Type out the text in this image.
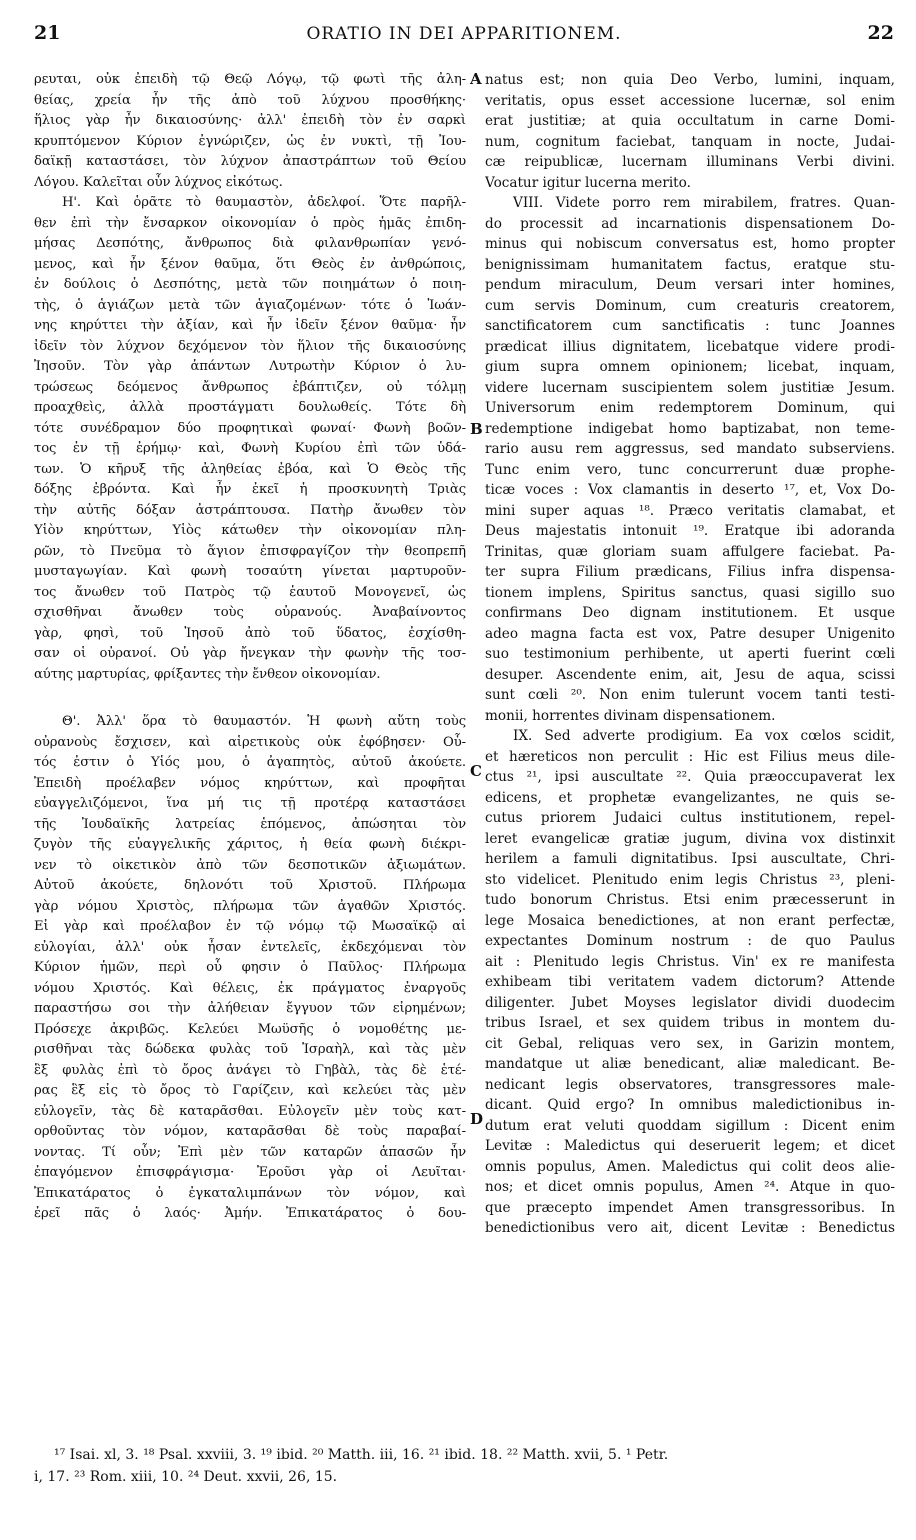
21	ORATIO IN DEI APPARITIONEM.	22
ρευται, οὐκ ἐπειδὴ τῷ Θεῷ Λόγῳ, τῷ φωτὶ τῆς ἀλη-
θείας, χρεία ἦν τῆς ἀπὸ τοῦ λύχνου προσθήκης·
ἥλιος γὰρ ἦν δικαιοσύνης· ἀλλ' ἐπειδὴ τὸν ἐν σαρκὶ
κρυπτόμενον Κύριον ἐγνώριζεν, ὡς ἐν νυκτὶ, τῇ Ἰου-
δαϊκῇ καταστάσει, τὸν λύχνον ἀπαστράπτων τοῦ Θείου
Λόγου. Καλεῖται οὖν λύχνος εἰκότως.
Η'. Καὶ ὁρᾶτε τὸ θαυμαστὸν, ἀδελφοί. Ὅτε παρῆλ-
θεν ἐπὶ τὴν ἔνσαρκον οἰκονομίαν ὁ πρὸς ἡμᾶς ἐπιδη-
μήσας Δεσπότης, ἄνθρωπος διὰ φιλανθρωπίαν γενό-
μενος, καὶ ἦν ξένον θαῦμα, ὅτι Θεὸς ἐν ἀνθρώποις,
ἐν δούλοις ὁ Δεσπότης, μετὰ τῶν ποιημάτων ὁ ποιη-
τὴς, ὁ ἁγιάζων μετὰ τῶν ἁγιαζομένων· τότε ὁ Ἰωάν-
νης κηρύττει τὴν ἀξίαν, καὶ ἦν ἰδεῖν ξένον θαῦμα· ἦν
ἰδεῖν τὸν λύχνον δεχόμενον τὸν ἥλιον τῆς δικαιοσύνης
Ἰησοῦν. Τὸν γὰρ ἁπάντων Λυτρωτὴν Κύριον ὁ λυ-
τρώσεως δεόμενος ἄνθρωπος ἐβάπτιζεν, οὐ τόλμῃ
προαχθεὶς, ἀλλὰ προστάγματι δουλωθείς. Τότε δὴ
τότε συνέδραμον δύο προφητικαὶ φωναί· Φωνὴ βοῶν-
τος ἐν τῇ ἐρήμῳ· καὶ, Φωνὴ Κυρίου ἐπὶ τῶν ὑδά-
των. Ὁ κῆρυξ τῆς ἀληθείας ἐβόα, καὶ Ὁ Θεὸς τῆς
δόξης ἐβρόντα. Καὶ ἦν ἐκεῖ ἡ προσκυνητὴ Τριὰς
τὴν αὐτῆς δόξαν ἀστράπτουσα. Πατὴρ ἄνωθεν τὸν
Υἱὸν κηρύττων, Υἱὸς κάτωθεν τὴν οἰκονομίαν πλη-
ρῶν, τὸ Πνεῦμα τὸ ἅγιον ἐπισφραγίζον τὴν θεοπρεπῆ
μυσταγωγίαν. Καὶ φωνὴ τοσαύτη γίνεται μαρτυροῦν-
τος ἄνωθεν τοῦ Πατρὸς τῷ ἑαυτοῦ Μονογενεῖ, ὡς
σχισθῆναι ἄνωθεν τοὺς οὐρανούς. Ἀναβαίνοντος
γὰρ, φησὶ, τοῦ Ἰησοῦ ἀπὸ τοῦ ὕδατος, ἐσχίσθη-
σαν οἱ οὐρανοί. Οὐ γὰρ ἤνεγκαν τὴν φωνὴν τῆς τοσ-
αύτης μαρτυρίας, φρίξαντες τὴν ἔνθεον οἰκονομίαν.
Θ'. Ἀλλ' ὅρα τὸ θαυμαστόν. Ἡ φωνὴ αὕτη τοὺς
οὐρανοὺς ἔσχισεν, καὶ αἱρετικοὺς οὐκ ἐφόβησεν· Οὗ-
τός ἐστιν ὁ Υἱός μου, ὁ ἀγαπητὸς, αὐτοῦ ἀκούετε.
Ἐπειδὴ προέλαβεν νόμος κηρύττων, καὶ προφῆται
εὐαγγελιζόμενοι, ἵνα μή τις τῇ προτέρᾳ καταστάσει
τῆς Ἰουδαϊκῆς λατρείας ἑπόμενος, ἀπώσηται τὸν
ζυγὸν τῆς εὐαγγελικῆς χάριτος, ἡ θεία φωνὴ διέκρι-
νεν τὸ οἰκετικὸν ἀπὸ τῶν δεσποτικῶν ἀξιωμάτων.
Αὐτοῦ ἀκούετε, δηλονότι τοῦ Χριστοῦ. Πλήρωμα
γὰρ νόμου Χριστὸς, πλήρωμα τῶν ἀγαθῶν Χριστός.
Εἰ γὰρ καὶ προέλαβον ἐν τῷ νόμῳ τῷ Μωσαϊκῷ αἱ
εὐλογίαι, ἀλλ' οὐκ ἦσαν ἐντελεῖς, ἐκδεχόμεναι τὸν
Κύριον ἡμῶν, περὶ οὗ φησιν ὁ Παῦλος· Πλήρωμα
νόμου Χριστός. Καὶ θέλεις, ἐκ πράγματος ἐναργοῦς
παραστήσω σοι τὴν ἀλήθειαν ἔγγυον τῶν εἰρημένων;
Πρόσεχε ἀκριβῶς. Κελεύει Μωϋσῆς ὁ νομοθέτης με-
ρισθῆναι τὰς δώδεκα φυλὰς τοῦ Ἰσραὴλ, καὶ τὰς μὲν
ἓξ φυλὰς ἐπὶ τὸ ὄρος ἀνάγει τὸ Γηβὰλ, τὰς δὲ ἑτέ-
ρας ἓξ εἰς τὸ ὄρος τὸ Γαρίζειν, καὶ κελεύει τὰς μὲν
εὐλογεῖν, τὰς δὲ καταρᾶσθαι. Εὐλογεῖν μὲν τοὺς κατ-
ορθοῦντας τὸν νόμον, καταρᾶσθαι δὲ τοὺς παραβαί-
νοντας. Τί οὖν; Ἐπὶ μὲν τῶν καταρῶν ἁπασῶν ἦν
ἐπαγόμενον ἐπισφράγισμα· Ἐροῦσι γὰρ οἱ Λευῖται·
Ἐπικατάρατος ὁ ἐγκαταλιμπάνων τὸν νόμον, καὶ
ἐρεῖ πᾶς ὁ λαός· Ἀμήν. Ἐπικατάρατος ὁ δου-
natus est; non quia Deo Verbo, lumini, inquam,
veritatis, opus esset accessione lucernæ, sol enim
erat justitiæ; at quia occultatum in carne Domi-
num, cognitum faciebat, tanquam in nocte, Judai-
cæ reipublicæ, lucernam illuminans Verbi divini.
Vocatur igitur lucerna merito.
VIII. Videte porro rem mirabilem, fratres. Quan-
do processit ad incarnationis dispensationem Do-
minus qui nobiscum conversatus est, homo propter
benignissimam humanitatem factus, eratque stu-
pendum miraculum, Deum versari inter homines,
cum servis Dominum, cum creaturis creatorem,
sanctificatorem cum sanctificatis : tunc Joannes
prædicat illius dignitatem, licebatque videre prodi-
gium supra omnem opinionem; licebat, inquam,
videre lucernam suscipientem solem justitiæ Jesum.
Universorum enim redemptorem Dominum, qui
redemptione indigebat homo baptizabat, non teme-
rario ausu rem aggressus, sed mandato subserviens.
Tunc enim vero, tunc concurrerunt duæ prophe-
ticæ voces : Vox clamantis in deserto ¹⁷, et, Vox Do-
mini super aquas ¹⁸. Præco veritatis clamabat, et
Deus majestatis intonuit ¹⁹. Eratque ibi adoranda
Trinitas, quæ gloriam suam affulgere faciebat. Pa-
ter supra Filium prædicans, Filius infra dispensa-
tionem implens, Spiritus sanctus, quasi sigillo suo
confirmans Deo dignam institutionem. Et usque
adeo magna facta est vox, Patre desuper Unigenito
suo testimonium perhibente, ut aperti fuerint cœli
desuper. Ascendente enim, ait, Jesu de aqua, scissi
sunt cœli ²⁰. Non enim tulerunt vocem tanti testi-
monii, horrentes divinam dispensationem.
IX. Sed adverte prodigium. Ea vox cœlos scidit,
et hæreticos non perculit : Hic est Filius meus dile-
ctus ²¹, ipsi auscultate ²². Quia præoccupaverat lex
edicens, et prophetæ evangelizantes, ne quis se-
cutus priorem Judaici cultus institutionem, repel-
leret evangelicæ gratiæ jugum, divina vox distinxit
herilem a famuli dignitatibus. Ipsi auscultate, Chri-
sto videlicet. Plenitudo enim legis Christus ²³, pleni-
tudo bonorum Christus. Etsi enim præcesserunt in
lege Mosaica benedictiones, at non erant perfectæ,
expectantes Dominum nostrum : de quo Paulus
ait : Plenitudo legis Christus. Vin' ex re manifesta
exhibeam tibi veritatem vadem dictorum? Attende
diligenter. Jubet Moyses legislator dividi duodecim
tribus Israel, et sex quidem tribus in montem du-
cit Gebal, reliquas vero sex, in Garizin montem,
mandatque ut aliæ benedicant, aliæ maledicant. Be-
nedicant legis observatores, transgressores male-
dicant. Quid ergo? In omnibus maledictionibus in-
dutum erat veluti quoddam sigillum : Dicent enim
Levitæ : Maledictus qui deseruerit legem; et dicet
omnis populus, Amen. Maledictus qui colit deos alie-
nos; et dicet omnis populus, Amen ²⁴. Atque in quo-
que præcepto impendet Amen transgressoribus. In
benedictionibus vero ait, dicent Levitæ : Benedictus
A
B
C
D
¹⁷ Isai. xl, 3. ¹⁸ Psal. xxviii, 3. ¹⁹ ibid. ²⁰ Matth. iii, 16. ²¹ ibid. 18. ²² Matth. xvii, 5. ¹ Petr.
i, 17. ²³ Rom. xiii, 10. ²⁴ Deut. xxvii, 26, 15.
